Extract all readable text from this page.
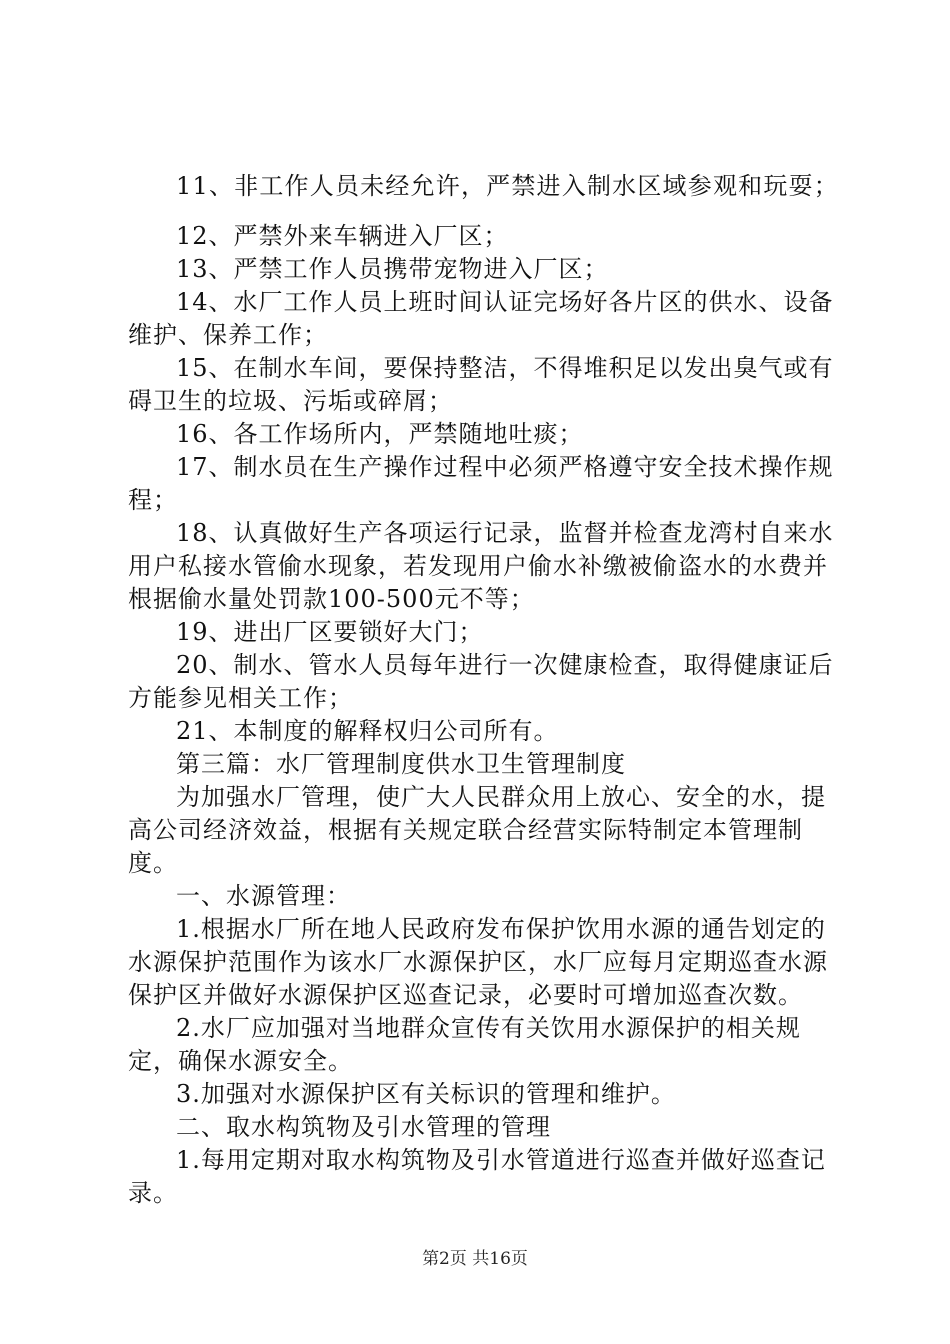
11、非工作人员未经允许，严禁进入制水区域参观和玩耍；

12、严禁外来车辆进入厂区；

13、严禁工作人员携带宠物进入厂区；

14、水厂工作人员上班时间认证完场好各片区的供水、设备维护、保养工作；

15、在制水车间，要保持整洁，不得堆积足以发出臭气或有碍卫生的垃圾、污垢或碎屑；

16、各工作场所内，严禁随地吐痰；

17、制水员在生产操作过程中必须严格遵守安全技术操作规程；

18、认真做好生产各项运行记录，监督并检查龙湾村自来水用户私接水管偷水现象，若发现用户偷水补缴被偷盗水的水费并根据偷水量处罚款100-500元不等；

19、进出厂区要锁好大门；

20、制水、管水人员每年进行一次健康检查，取得健康证后方能参见相关工作；

21、本制度的解释权归公司所有。

第三篇：水厂管理制度供水卫生管理制度

为加强水厂管理，使广大人民群众用上放心、安全的水，提高公司经济效益，根据有关规定联合经营实际特制定本管理制度。

一、水源管理：

1.根据水厂所在地人民政府发布保护饮用水源的通告划定的水源保护范围作为该水厂水源保护区，水厂应每月定期巡查水源保护区并做好水源保护区巡查记录，必要时可增加巡查次数。

2.水厂应加强对当地群众宣传有关饮用水源保护的相关规定，确保水源安全。

3.加强对水源保护区有关标识的管理和维护。

二、取水构筑物及引水管理的管理

1.每用定期对取水构筑物及引水管道进行巡查并做好巡查记录。

第2页 共16页
